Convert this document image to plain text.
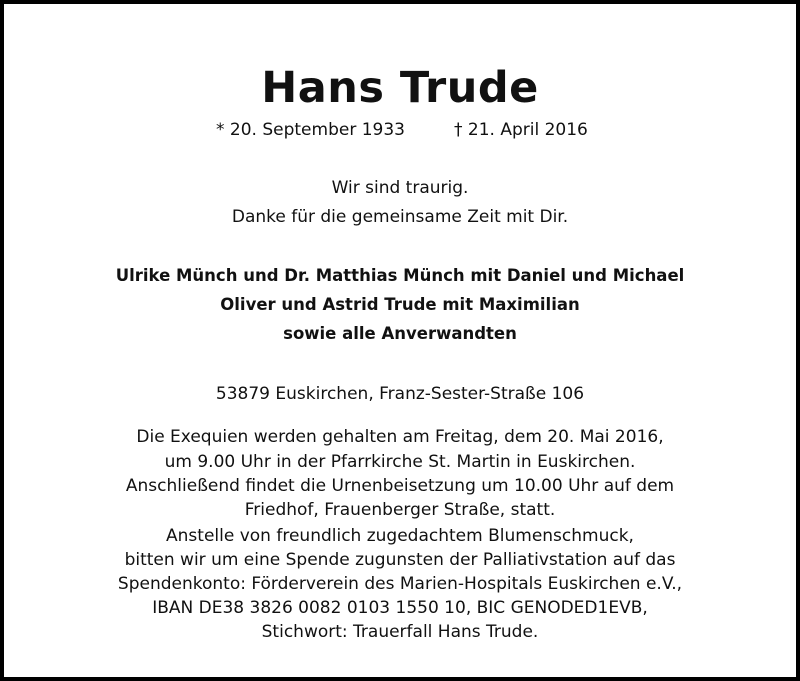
Hans Trude
* 20. September 1933	† 21. April 2016
Wir sind traurig.
Danke für die gemeinsame Zeit mit Dir.
Ulrike Münch und Dr. Matthias Münch mit Daniel und Michael
Oliver und Astrid Trude mit Maximilian
sowie alle Anverwandten
53879 Euskirchen, Franz-Sester-Straße 106
Die Exequien werden gehalten am Freitag, dem 20. Mai 2016,
um 9.00 Uhr in der Pfarrkirche St. Martin in Euskirchen.
Anschließend findet die Urnenbeisetzung um 10.00 Uhr auf dem
Friedhof, Frauenberger Straße, statt.
Anstelle von freundlich zugedachtem Blumenschmuck,
bitten wir um eine Spende zugunsten der Palliativstation auf das
Spendenkonto: Förderverein des Marien-Hospitals Euskirchen e.V.,
IBAN DE38 3826 0082 0103 1550 10, BIC GENODED1EVB,
Stichwort: Trauerfall Hans Trude.
